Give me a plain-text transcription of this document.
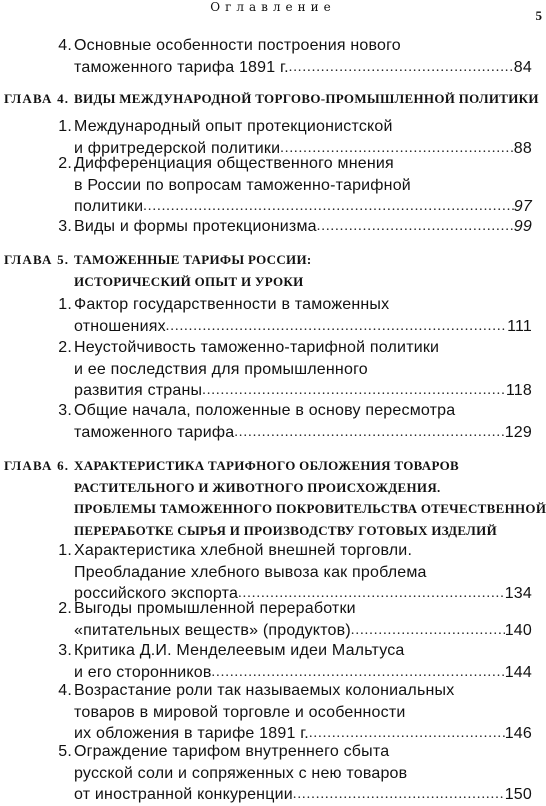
Оглавление
5
4. Основные особенности построения нового
таможенного тарифа 1891 г. . . .	84
ГЛАВА 4. ВИДЫ МЕЖДУНАРОДНОЙ ТОРГОВО-ПРОМЫШЛЕННОЙ ПОЛИТИКИ
1. Международный опыт протекционистской
и фритредерской политики . . .	88
2. Дифференциация общественного мнения
в России по вопросам таможенно-тарифной
политики . . .	97
3. Виды и формы протекционизма . . .	99
ГЛАВА 5. ТАМОЖЕННЫЕ ТАРИФЫ РОССИИ:
ИСТОРИЧЕСКИЙ ОПЫТ И УРОКИ
1. Фактор государственности в таможенных
отношениях . . .	111
2. Неустойчивость таможенно-тарифной политики
и ее последствия для промышленного
развития страны . . .	118
3. Общие начала, положенные в основу пересмотра
таможенного тарифа . . .	129
ГЛАВА 6. ХАРАКТЕРИСТИКА ТАРИФНОГО ОБЛОЖЕНИЯ ТОВАРОВ
РАСТИТЕЛЬНОГО И ЖИВОТНОГО ПРОИСХОЖДЕНИЯ.
ПРОБЛЕМЫ ТАМОЖЕННОГО ПОКРОВИТЕЛЬСТВА ОТЕЧЕСТВЕННОЙ
ПЕРЕРАБОТКЕ СЫРЬЯ И ПРОИЗВОДСТВУ ГОТОВЫХ ИЗДЕЛИЙ
1. Характеристика хлебной внешней торговли.
Преобладание хлебного вывоза как проблема
российского экспорта . . .	134
2. Выгоды промышленной переработки
«питательных веществ» (продуктов) . . .	140
3. Критика Д.И. Менделеевым идеи Мальтуса
и его сторонников . . .	144
4. Возрастание роли так называемых колониальных
товаров в мировой торговле и особенности
их обложения в тарифе 1891 г. . . .	146
5. Ограждение тарифом внутреннего сбыта
русской соли и сопряженных с нею товаров
от иностранной конкуренции . . .	150
